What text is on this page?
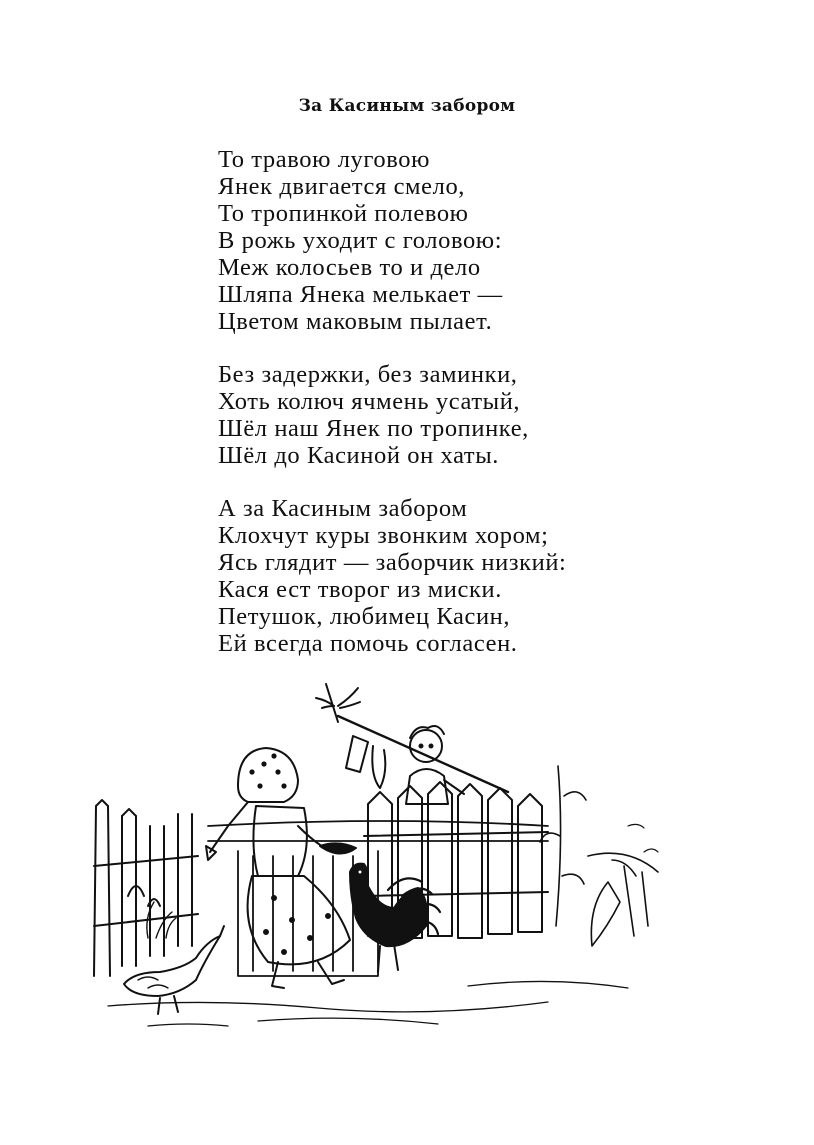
За Касиным забором
То травою луговою
Янек двигается смело,
То тропинкой полевою
В рожь уходит с головою:
Меж колосьев то и дело
Шляпа Янека мелькает —
Цветом маковым пылает.
Без задержки, без заминки,
Хоть колюч ячмень усатый,
Шёл наш Янек по тропинке,
Шёл до Касиной он хаты.
А за Касиным забором
Клохчут куры звонким хором;
Ясь глядит — заборчик низкий:
Кася ест творог из миски.
Петушок, любимец Касин,
Ей всегда помочь согласен.
